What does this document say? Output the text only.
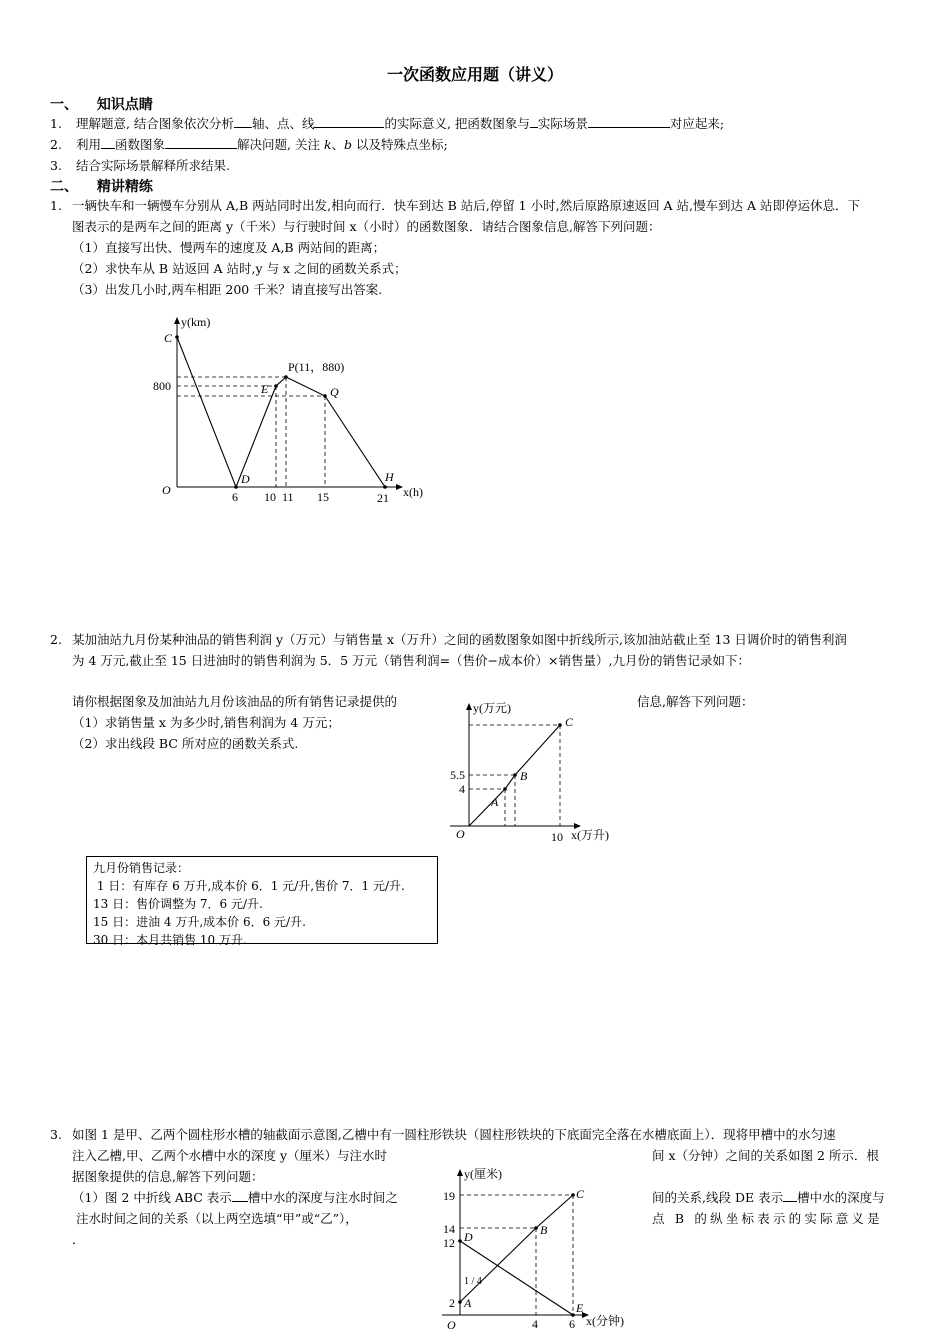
一次函数应用题（讲义）
一、 知识点睛
1. 理解题意, 结合图象依次分析 轴、点、线	的实际意义, 把函数图象与 实际场景	对应起来;
2. 利用 函数图象	解决问题, 关注 k、b 以及特殊点坐标;
3. 结合实际场景解释所求结果.
二、 精讲精练
1. 一辆快车和一辆慢车分别从 A,B 两站同时出发,相向而行．快车到达 B 站后,停留 1 小时,然后原路原速返回 A 站,慢车到达 A 站即停运休息．下
图表示的是两车之间的距离 y（千米）与行驶时间 x（小时）的函数图象．请结合图象信息,解答下列问题：
（1）直接写出快、慢两车的速度及 A,B 两站间的距离；
（2）求快车从 B 站返回 A 站时,y 与 x 之间的函数关系式；
（3）出发几小时,两车相距 200 千米？请直接写出答案.
y(km)
x(h)
O
C
D
E
P(11，880)
Q
H
800
6 10 11 15	21
2. 某加油站九月份某种油品的销售利润 y（万元）与销售量 x（万升）之间的函数图象如图中折线所示,该加油站截止至 13 日调价时的销售利润
为 4 万元,截止至 15 日进油时的销售利润为 5．5 万元（销售利润=（售价−成本价）×销售量）,九月份的销售记录如下：
请你根据图象及加油站九月份该油品的所有销售记录提供的	信息,解答下列问题：
（1）求销售量 x 为多少时,销售利润为 4 万元；
（2）求出线段 BC 所对应的函数关系式.
y(万元)
x(万升)
O
A
B
C
5.5
4
10
九月份销售记录：
1 日：有库存 6 万升,成本价 6．1 元/升,售价 7．1 元/升.
13 日：售价调整为 7．6 元/升.
15 日：进油 4 万升,成本价 6．6 元/升.
30 日：本月共销售 10 万升.
3. 如图 1 是甲、乙两个圆柱形水槽的轴截面示意图,乙槽中有一圆柱形铁块（圆柱形铁块的下底面完全落在水槽底面上）．现将甲槽中的水匀速
注入乙槽,甲、乙两个水槽中水的深度 y（厘米）与注水时	间 x（分钟）之间的关系如图 2 所示．根
据图象提供的信息,解答下列问题：
（1）图 2 中折线 ABC 表示 槽中水的深度与注水时间之	间的关系,线段 DE 表示 槽中水的深度与
注水时间之间的关系（以上两空选填“甲”或“乙”），	点 B 的纵坐标表示的实际意义是
．
y(厘米)
x(分钟)
O
A
B
C
D
E
19
14
12
2
4	6
1 / 4
